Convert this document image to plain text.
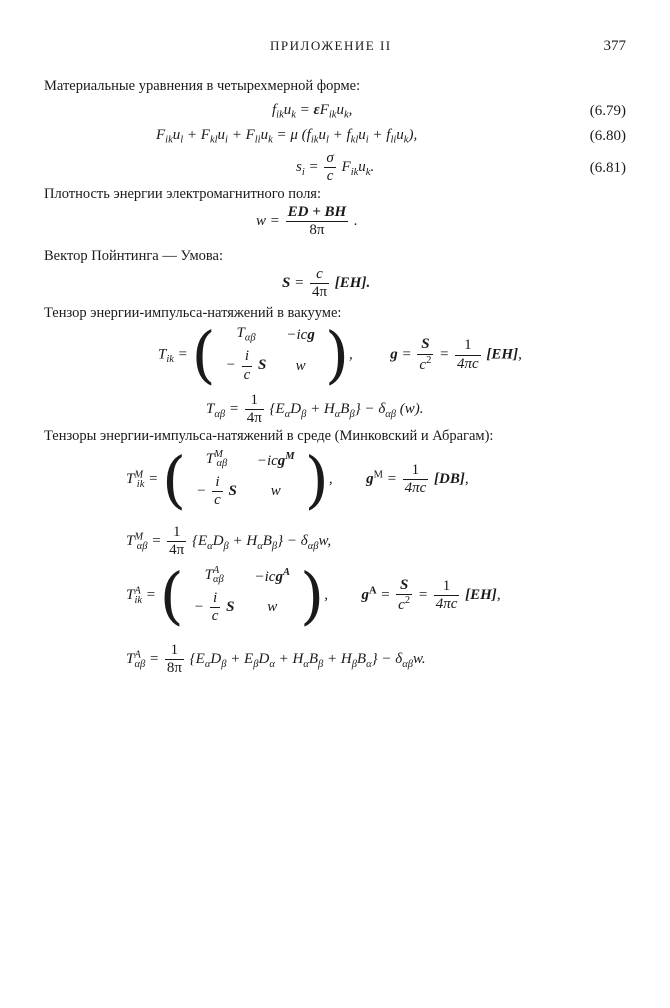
ПРИЛОЖЕНИЕ II	377
Материальные уравнения в четырехмерной форме:
$f_{ik}u_k = \varepsilon F_{ik}u_k$,	(6.79)
$F_{ik}u_l + F_{kl}u_i + F_{li}u_k = \mu$ $(f_{ik}u_l + f_{kl}u_i + f_{li}u_k)$,	(6.80)
$s_i = \frac{\sigma}{c} F_{ik}u_k$.	(6.81)
Плотность энергии электромагнитного поля:
$w = \frac{ED + BH}{8\pi}$ .
Вектор Пойнтинга — Умова:
$S = \frac{c}{4\pi} [EH]$.
Тензор энергии-импульса-натяжений в вакууме:
$T_{ik}$ = ( $T_{\alpha\beta}$	−icg
− $\frac{i}{c}$ S	w ),  $g = \frac{S}{c^2} = \frac{1}{4\pi c} [EH]$,
$T_{\alpha\beta} = \frac{1}{4\pi} \{E_\alpha D_\beta + H_\alpha B_\beta\} - \delta_{\alpha\beta}$ (w).
Тензоры энергии-импульса-натяжений в среде (Минковский и Абрагам):
$T^M_{ik}$ = ( $T^M_{\alpha\beta}$	−icg$^M$
− $\frac{i}{c}$ S	w ),  $g^M = \frac{1}{4\pi c} [DB]$,
$T^M_{\alpha\beta} = \frac{1}{4\pi} \{E_\alpha D_\beta + H_\alpha B_\beta\} - \delta_{\alpha\beta}w$,
$T^A_{ik}$ = ( $T^A_{\alpha\beta}$	−icg$^A$
− $\frac{i}{c}$ S	w ),  $g^A = \frac{S}{c^2} = \frac{1}{4\pi c} [EH]$,
$T^A_{\alpha\beta} = \frac{1}{8\pi} \{E_\alpha D_\beta + E_\beta D_\alpha + H_\alpha B_\beta + H_\beta B_\alpha\} - \delta_{\alpha\beta}w$.
